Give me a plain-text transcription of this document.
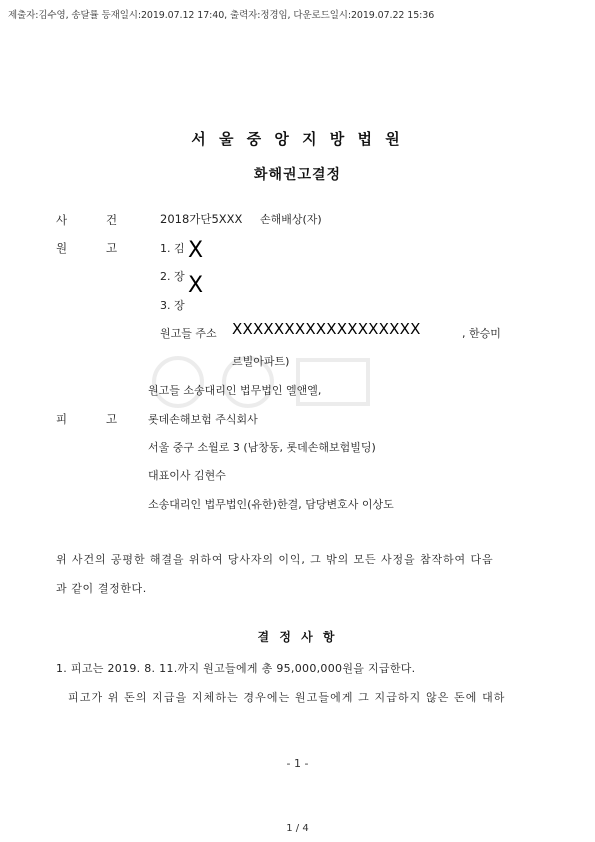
제출자:김수영, 송달률 등재일시:2019.07.12 17:40, 출력자:정경임, 다운로드일시:2019.07.22 15:36
서 울 중 앙 지 방 법 원
화해권고결정
사	건	2018가단5XXX 손해배상(자)
원	고	1. 김 X
2. 장 X
3. 장
원고들 주소 XXXXXXXXXXXXXXXXXX	, 한승미
르빌아파트)
원고들 소송대리인 법무법인 엘앤엘,
피	고	롯데손해보험 주식회사
서울 중구 소월로 3 (남창동, 롯데손해보험빌딩)
대표이사 김현수
소송대리인 법무법인(유한)한결, 담당변호사 이상도
위 사건의 공평한 해결을 위하여 당사자의 이익, 그 밖의 모든 사정을 참작하여 다음
과 같이 결정한다.
결 정 사 항
1. 피고는 2019. 8. 11.까지 원고들에게 총 95,000,000원을 지급한다.
피고가 위 돈의 지급을 지체하는 경우에는 원고들에게 그 지급하지 않은 돈에 대하
- 1 -
1 / 4
